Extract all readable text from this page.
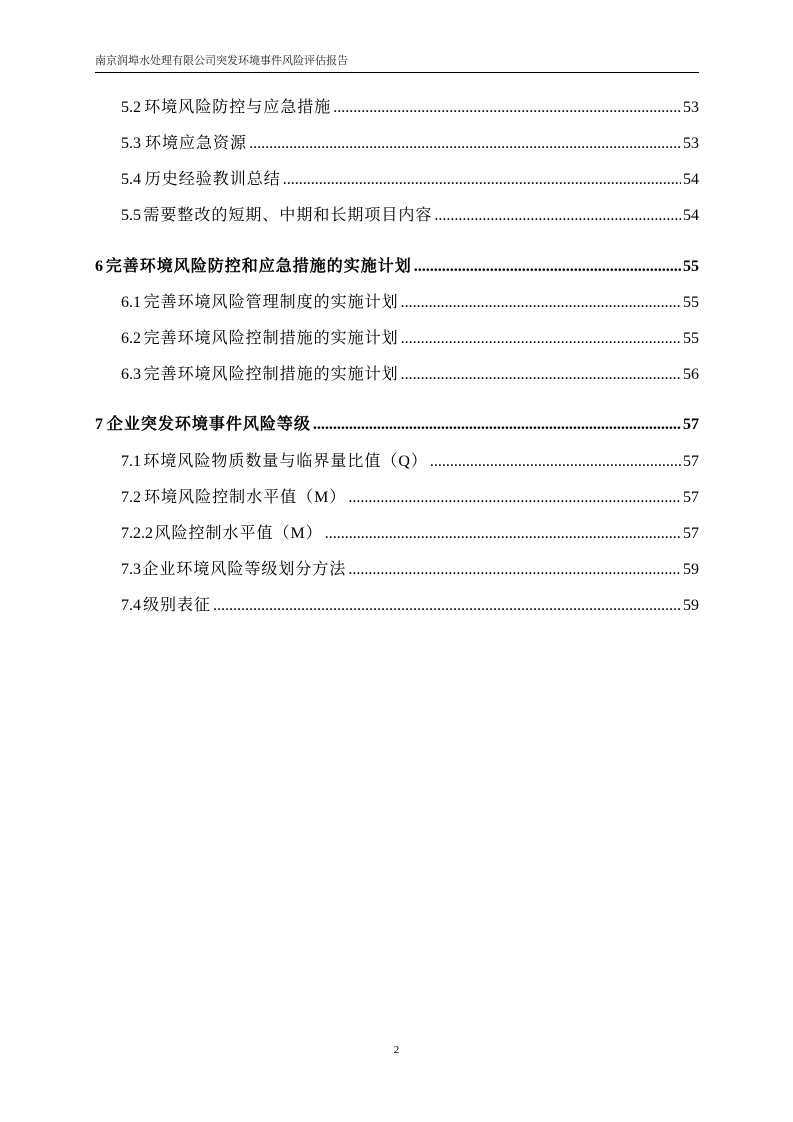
南京润埠水处理有限公司突发环境事件风险评估报告
5.2 环境风险防控与应急措施 .....	53
5.3 环境应急资源 .....	53
5.4 历史经验教训总结 .....	54
5.5 需要整改的短期、中期和长期项目内容 .....	54
6 完善环境风险防控和应急措施的实施计划 .....	55
6.1 完善环境风险管理制度的实施计划 .....	55
6.2 完善环境风险控制措施的实施计划 .....	55
6.3 完善环境风险控制措施的实施计划 .....	56
7 企业突发环境事件风险等级 .....	57
7.1 环境风险物质数量与临界量比值（Q） .....	57
7.2 环境风险控制水平值（M） .....	57
7.2.2 风险控制水平值（M） .....	57
7.3 企业环境风险等级划分方法 .....	59
7.4 级别表征 .....	59
2
